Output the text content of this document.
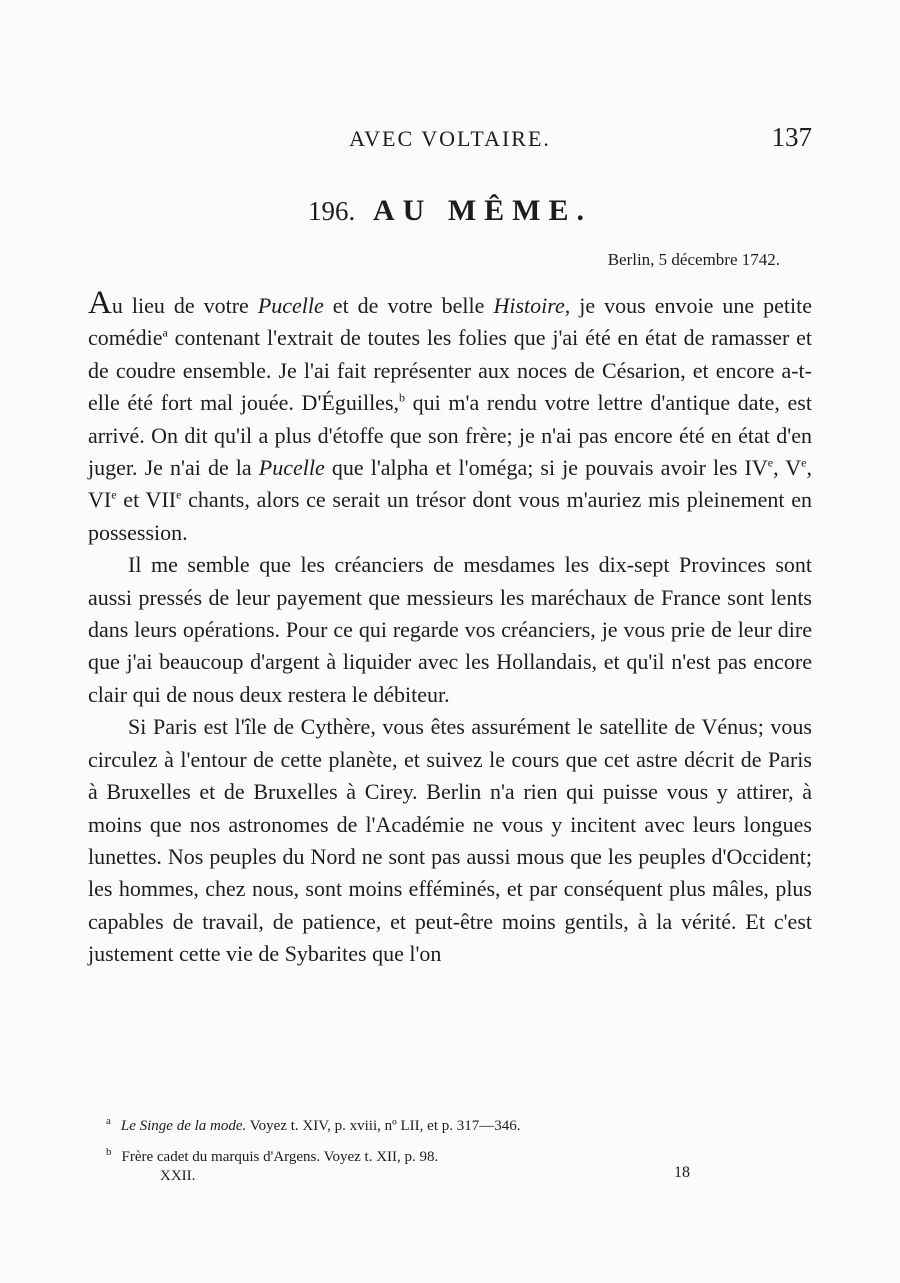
AVEC VOLTAIRE.	137
196. AU MÊME.
Berlin, 5 décembre 1742.

Au lieu de votre Pucelle et de votre belle Histoire, je vous envoie une petite comédie$^a$ contenant l'extrait de toutes les folies que j'ai été en état de ramasser et de coudre ensemble. Je l'ai fait représenter aux noces de Césarion, et encore a-t-elle été fort mal jouée. D'Éguilles,$^b$ qui m'a rendu votre lettre d'antique date, est arrivé. On dit qu'il a plus d'étoffe que son frère; je n'ai pas encore été en état d'en juger. Je n'ai de la Pucelle que l'alpha et l'oméga; si je pouvais avoir les IVe, Ve, VIe et VIIe chants, alors ce serait un trésor dont vous m'auriez mis pleinement en possession.

Il me semble que les créanciers de mesdames les dix-sept Provinces sont aussi pressés de leur payement que messieurs les maréchaux de France sont lents dans leurs opérations. Pour ce qui regarde vos créanciers, je vous prie de leur dire que j'ai beaucoup d'argent à liquider avec les Hollandais, et qu'il n'est pas encore clair qui de nous deux restera le débiteur.

Si Paris est l'île de Cythère, vous êtes assurément le satellite de Vénus; vous circulez à l'entour de cette planète, et suivez le cours que cet astre décrit de Paris à Bruxelles et de Bruxelles à Cirey. Berlin n'a rien qui puisse vous y attirer, à moins que nos astronomes de l'Académie ne vous y incitent avec leurs longues lunettes. Nos peuples du Nord ne sont pas aussi mous que les peuples d'Occident; les hommes, chez nous, sont moins efféminés, et par conséquent plus mâles, plus capables de travail, de patience, et peut-être moins gentils, à la vérité. Et c'est justement cette vie de Sybarites que l'on

$^a$ Le Singe de la mode. Voyez t. XIV, p. xviii, nº LII, et p. 317—346.
$^b$ Frère cadet du marquis d'Argens. Voyez t. XII, p. 98.
XXII.	18
